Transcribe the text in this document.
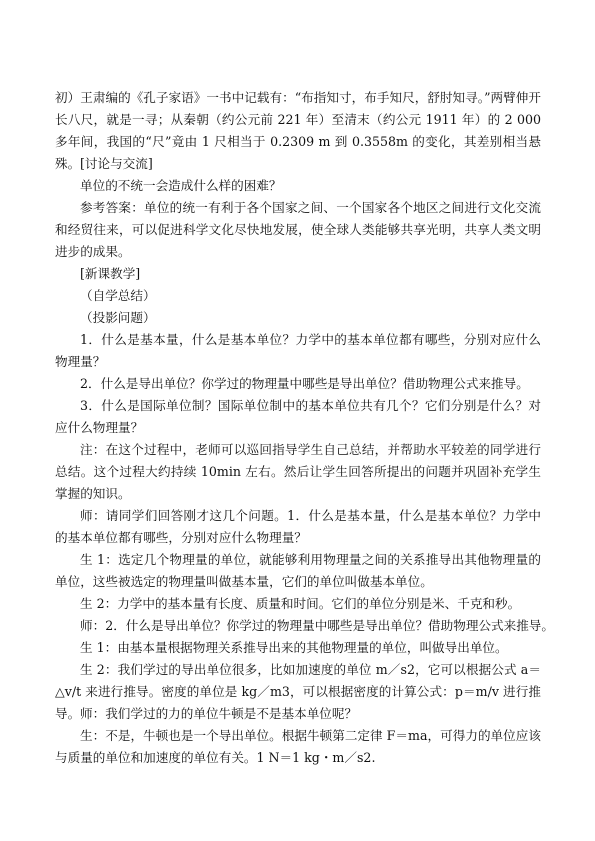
初）王肃编的《孔子家语》一书中记载有：“布指知寸，布手知尺，舒肘知寻。”两臂伸开长八尺，就是一寻；从秦朝（约公元前 221 年）至清末（约公元 1911 年）的 2 000 多年间，我国的“尺”竟由 1 尺相当于 0.2309 m 到 0.3558m 的变化，其差别相当悬殊。 [讨论与交流]
单位的不统一会造成什么样的困难？
参考答案：单位的统一有利于各个国家之间、一个国家各个地区之间进行文化交流和经贸往来，可以促进科学文化尽快地发展，使全球人类能够共享光明，共享人类文明进步的成果。
[新课教学]
（自学总结）
（投影问题）
1．什么是基本量，什么是基本单位？力学中的基本单位都有哪些，分别对应什么物理量？
2．什么是导出单位？你学过的物理量中哪些是导出单位？借助物理公式来推导。
3．什么是国际单位制？国际单位制中的基本单位共有几个？它们分别是什么？对应什么物理量？
注：在这个过程中，老师可以巡回指导学生自己总结，并帮助水平较差的同学进行总结。这个过程大约持续 10min 左右。然后让学生回答所提出的问题并巩固补充学生掌握的知识。
师：请同学们回答刚才这几个问题。1．什么是基本量，什么是基本单位？力学中的基本单位都有哪些，分别对应什么物理量？
生 1：选定几个物理量的单位，就能够利用物理量之间的关系推导出其他物理量的单位，这些被选定的物理量叫做基本量，它们的单位叫做基本单位。
生 2：力学中的基本量有长度、质量和时间。它们的单位分别是米、千克和秒。
师：2．什么是导出单位？你学过的物理量中哪些是导出单位？借助物理公式来推导。
生 1：由基本量根据物理关系推导出来的其他物理量的单位，叫做导出单位。
生 2：我们学过的导出单位很多，比如加速度的单位 m／s2，它可以根据公式 a＝△v/t 来进行推导。密度的单位是 kg／m3，可以根据密度的计算公式：p＝m/v 进行推导。 师：我们学过的力的单位牛顿是不是基本单位呢？
生：不是，牛顿也是一个导出单位。根据牛顿第二定律 F＝ma，可得力的单位应该与质量的单位和加速度的单位有关。1 N＝1 kg・m／s2.
